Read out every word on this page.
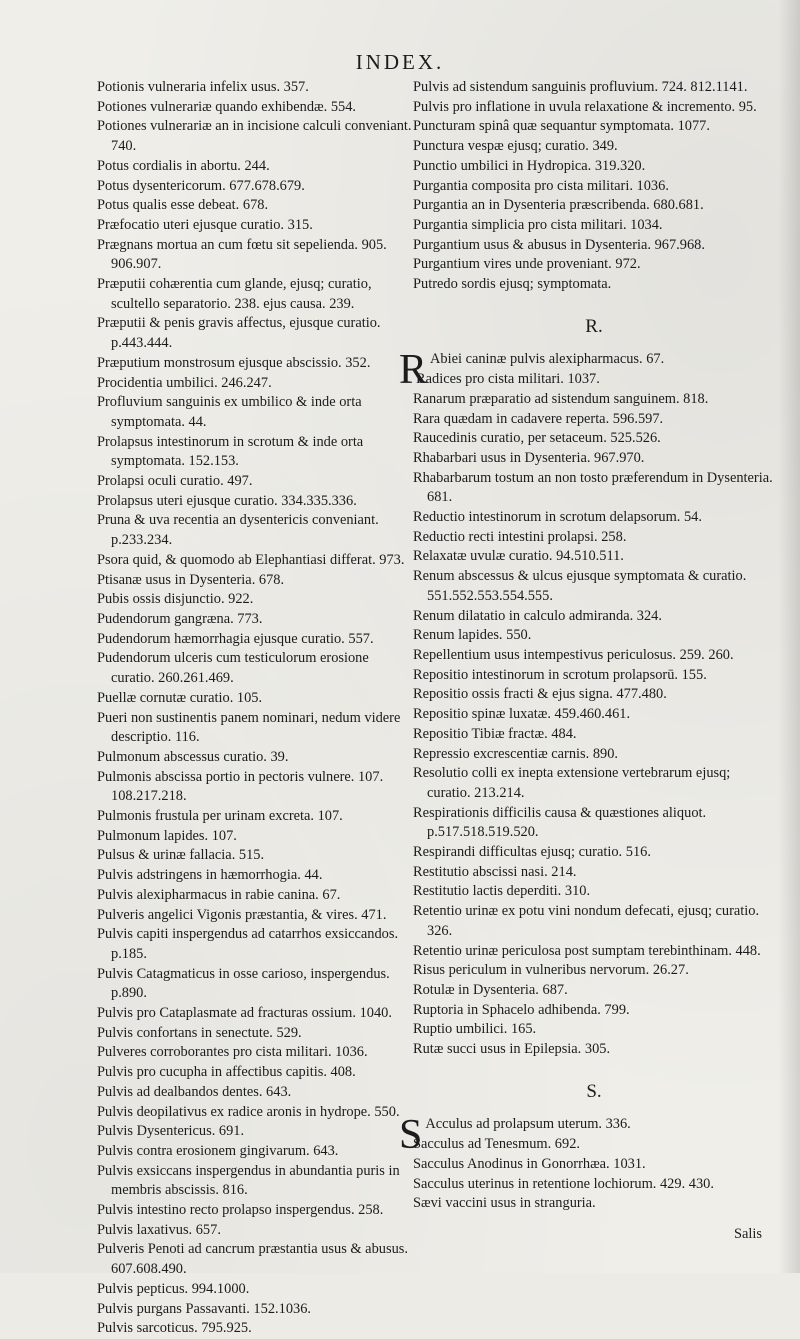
INDEX.

Potionis vulneraria infelix usus. 357.

Potiones vulnerariæ quando exhibendæ. 554.

Potiones vulnerariæ an in incisione calculi conveniant. 740.

Potus cordialis in abortu. 244.

Potus dysentericorum. 677.678.679.

Potus qualis esse debeat. 678.

Præfocatio uteri ejusque curatio. 315.

Prægnans mortua an cum fœtu sit sepelienda. 905. 906.907.

Præputii cohærentia cum glande, ejusq; curatio, scultello separatorio. 238. ejus causa. 239.

Præputii & penis gravis affectus, ejusque curatio. p.443.444.

Præputium monstrosum ejusque abscissio. 352.

Procidentia umbilici. 246.247.

Profluvium sanguinis ex umbilico & inde orta symptomata. 44.

Prolapsus intestinorum in scrotum & inde orta symptomata. 152.153.

Prolapsi oculi curatio. 497.

Prolapsus uteri ejusque curatio. 334.335.336.

Pruna & uva recentia an dysentericis conveniant. p.233.234.

Psora quid, & quomodo ab Elephantiasi differat. 973.

Ptisanæ usus in Dysenteria. 678.

Pubis ossis disjunctio. 922.

Pudendorum gangræna. 773.

Pudendorum hæmorrhagia ejusque curatio. 557.

Pudendorum ulceris cum testiculorum erosione curatio. 260.261.469.

Puellæ cornutæ curatio. 105.

Pueri non sustinentis panem nominari, nedum videre descriptio. 116.

Pulmonum abscessus curatio. 39.

Pulmonis abscissa portio in pectoris vulnere. 107. 108.217.218.

Pulmonis frustula per urinam excreta. 107.

Pulmonum lapides. 107.

Pulsus & urinæ fallacia. 515.

Pulvis adstringens in hæmorrhogia. 44.

Pulvis alexipharmacus in rabie canina. 67.

Pulveris angelici Vigonis præstantia, & vires. 471.

Pulvis capiti inspergendus ad catarrhos exsiccandos. p.185.

Pulvis Catagmaticus in osse carioso, inspergendus. p.890.

Pulvis pro Cataplasmate ad fracturas ossium. 1040.

Pulvis confortans in senectute. 529.

Pulveres corroborantes pro cista militari. 1036.

Pulvis pro cucupha in affectibus capitis. 408.

Pulvis ad dealbandos dentes. 643.

Pulvis deopilativus ex radice aronis in hydrope. 550.

Pulvis Dysentericus. 691.

Pulvis contra erosionem gingivarum. 643.

Pulvis exsiccans inspergendus in abundantia puris in membris abscissis. 816.

Pulvis intestino recto prolapso inspergendus. 258.

Pulvis laxativus. 657.

Pulveris Penoti ad cancrum præstantia usus & abusus. 607.608.490.

Pulvis pepticus. 994.1000.

Pulvis purgans Passavanti. 152.1036.

Pulvis sarcoticus. 795.925.

Pulvis ad sistendum sanguinis profluvium. 724. 812.1141.

Pulvis pro inflatione in uvula relaxatione & incremento. 95.

Puncturam spinâ quæ sequantur symptomata. 1077.

Punctura vespæ ejusq; curatio. 349.

Punctio umbilici in Hydropica. 319.320.

Purgantia composita pro cista militari. 1036.

Purgantia an in Dysenteria præscribenda. 680.681.

Purgantia simplicia pro cista militari. 1034.

Purgantium usus & abusus in Dysenteria. 967.968.

Purgantium vires unde proveniant. 972.

Putredo sordis ejusq; symptomata.

R.

R Abiei caninæ pulvis alexipharmacus. 67.

Radices pro cista militari. 1037.

Ranarum præparatio ad sistendum sanguinem. 818.

Rara quædam in cadavere reperta. 596.597.

Raucedinis curatio, per setaceum. 525.526.

Rhabarbari usus in Dysenteria. 967.970.

Rhabarbarum tostum an non tosto præferendum in Dysenteria. 681.

Reductio intestinorum in scrotum delapsorum. 54.

Reductio recti intestini prolapsi. 258.

Relaxatæ uvulæ curatio. 94.510.511.

Renum abscessus & ulcus ejusque symptomata & curatio. 551.552.553.554.555.

Renum dilatatio in calculo admiranda. 324.

Renum lapides. 550.

Repellentium usus intempestivus periculosus. 259. 260.

Repositio intestinorum in scrotum prolapsorū. 155.

Repositio ossis fracti & ejus signa. 477.480.

Repositio spinæ luxatæ. 459.460.461.

Repositio Tibiæ fractæ. 484.

Repressio excrescentiæ carnis. 890.

Resolutio colli ex inepta extensione vertebrarum ejusq; curatio. 213.214.

Respirationis difficilis causa & quæstiones aliquot. p.517.518.519.520.

Respirandi difficultas ejusq; curatio. 516.

Restitutio abscissi nasi. 214.

Restitutio lactis deperditi. 310.

Retentio urinæ ex potu vini nondum defecati, ejusq; curatio. 326.

Retentio urinæ periculosa post sumptam terebinthinam. 448.

Risus periculum in vulneribus nervorum. 26.27.

Rotulæ in Dysenteria. 687.

Ruptoria in Sphacelo adhibenda. 799.

Ruptio umbilici. 165.

Rutæ succi usus in Epilepsia. 305.

S.

S Acculus ad prolapsum uterum. 336.

Sacculus ad Tenesmum. 692.

Sacculus Anodinus in Gonorrhæa. 1031.

Sacculus uterinus in retentione lochiorum. 429. 430.

Sævi vaccini usus in stranguria.

Salis
